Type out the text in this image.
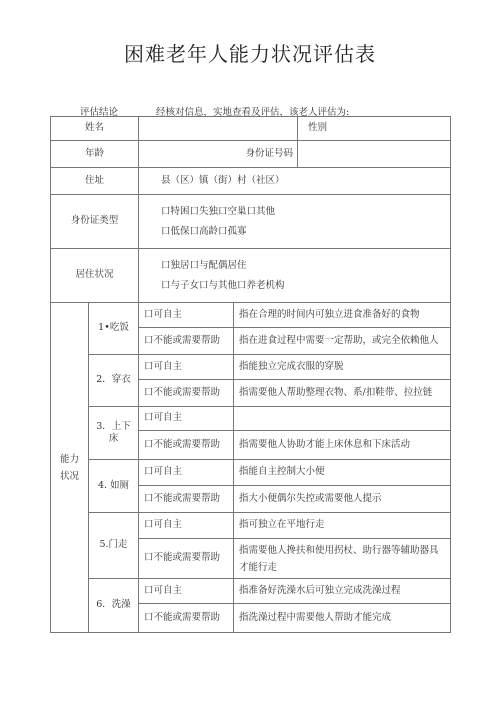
困难老年人能力状况评估表
评估结论	经核对信息，实地查看及评估，该老人评估为:
姓名				性别
年龄		身份证号码		
住址		县（区）镇（街）村（社区）		
身份证类型		口特困口失独口空巢口其他
口低保口高龄口孤寡		

居住状况		口独居口与配偶居住
口与子女口与其他口养老机构		

能力 状况	1•吃饭	口可自主	指在合理的时间内可独立进食准备好的食物	
		口不能或需要帮助	指在进食过程中需要一定帮助，或完全依赖他人	
	2．穿衣	口可自主	指能独立完成衣服的穿脱	
		口不能或需要帮助	指需要他人帮助整理衣物、系/扣鞋带、拉拉链	
	3．上下床	口可自主		
		口不能或需要帮助	指需要他人协助才能上床休息和下床活动	
	4. 如厕	口可自主	指能自主控制大小便	
		口不能或需要帮助	指大小便偶尔失控或需要他人提示	
	5.门走	口可自主	指可独立在平地行走	
		口不能或需要帮助	指需要他人搀扶和使用拐杖、助行器等辅助器具 才能行走	
	6．洗澡	口可自主	指准备好洗澡水后可独立完成洗澡过程	
		口不能或需要帮助	指洗澡过程中需要他人帮助才能完成	
